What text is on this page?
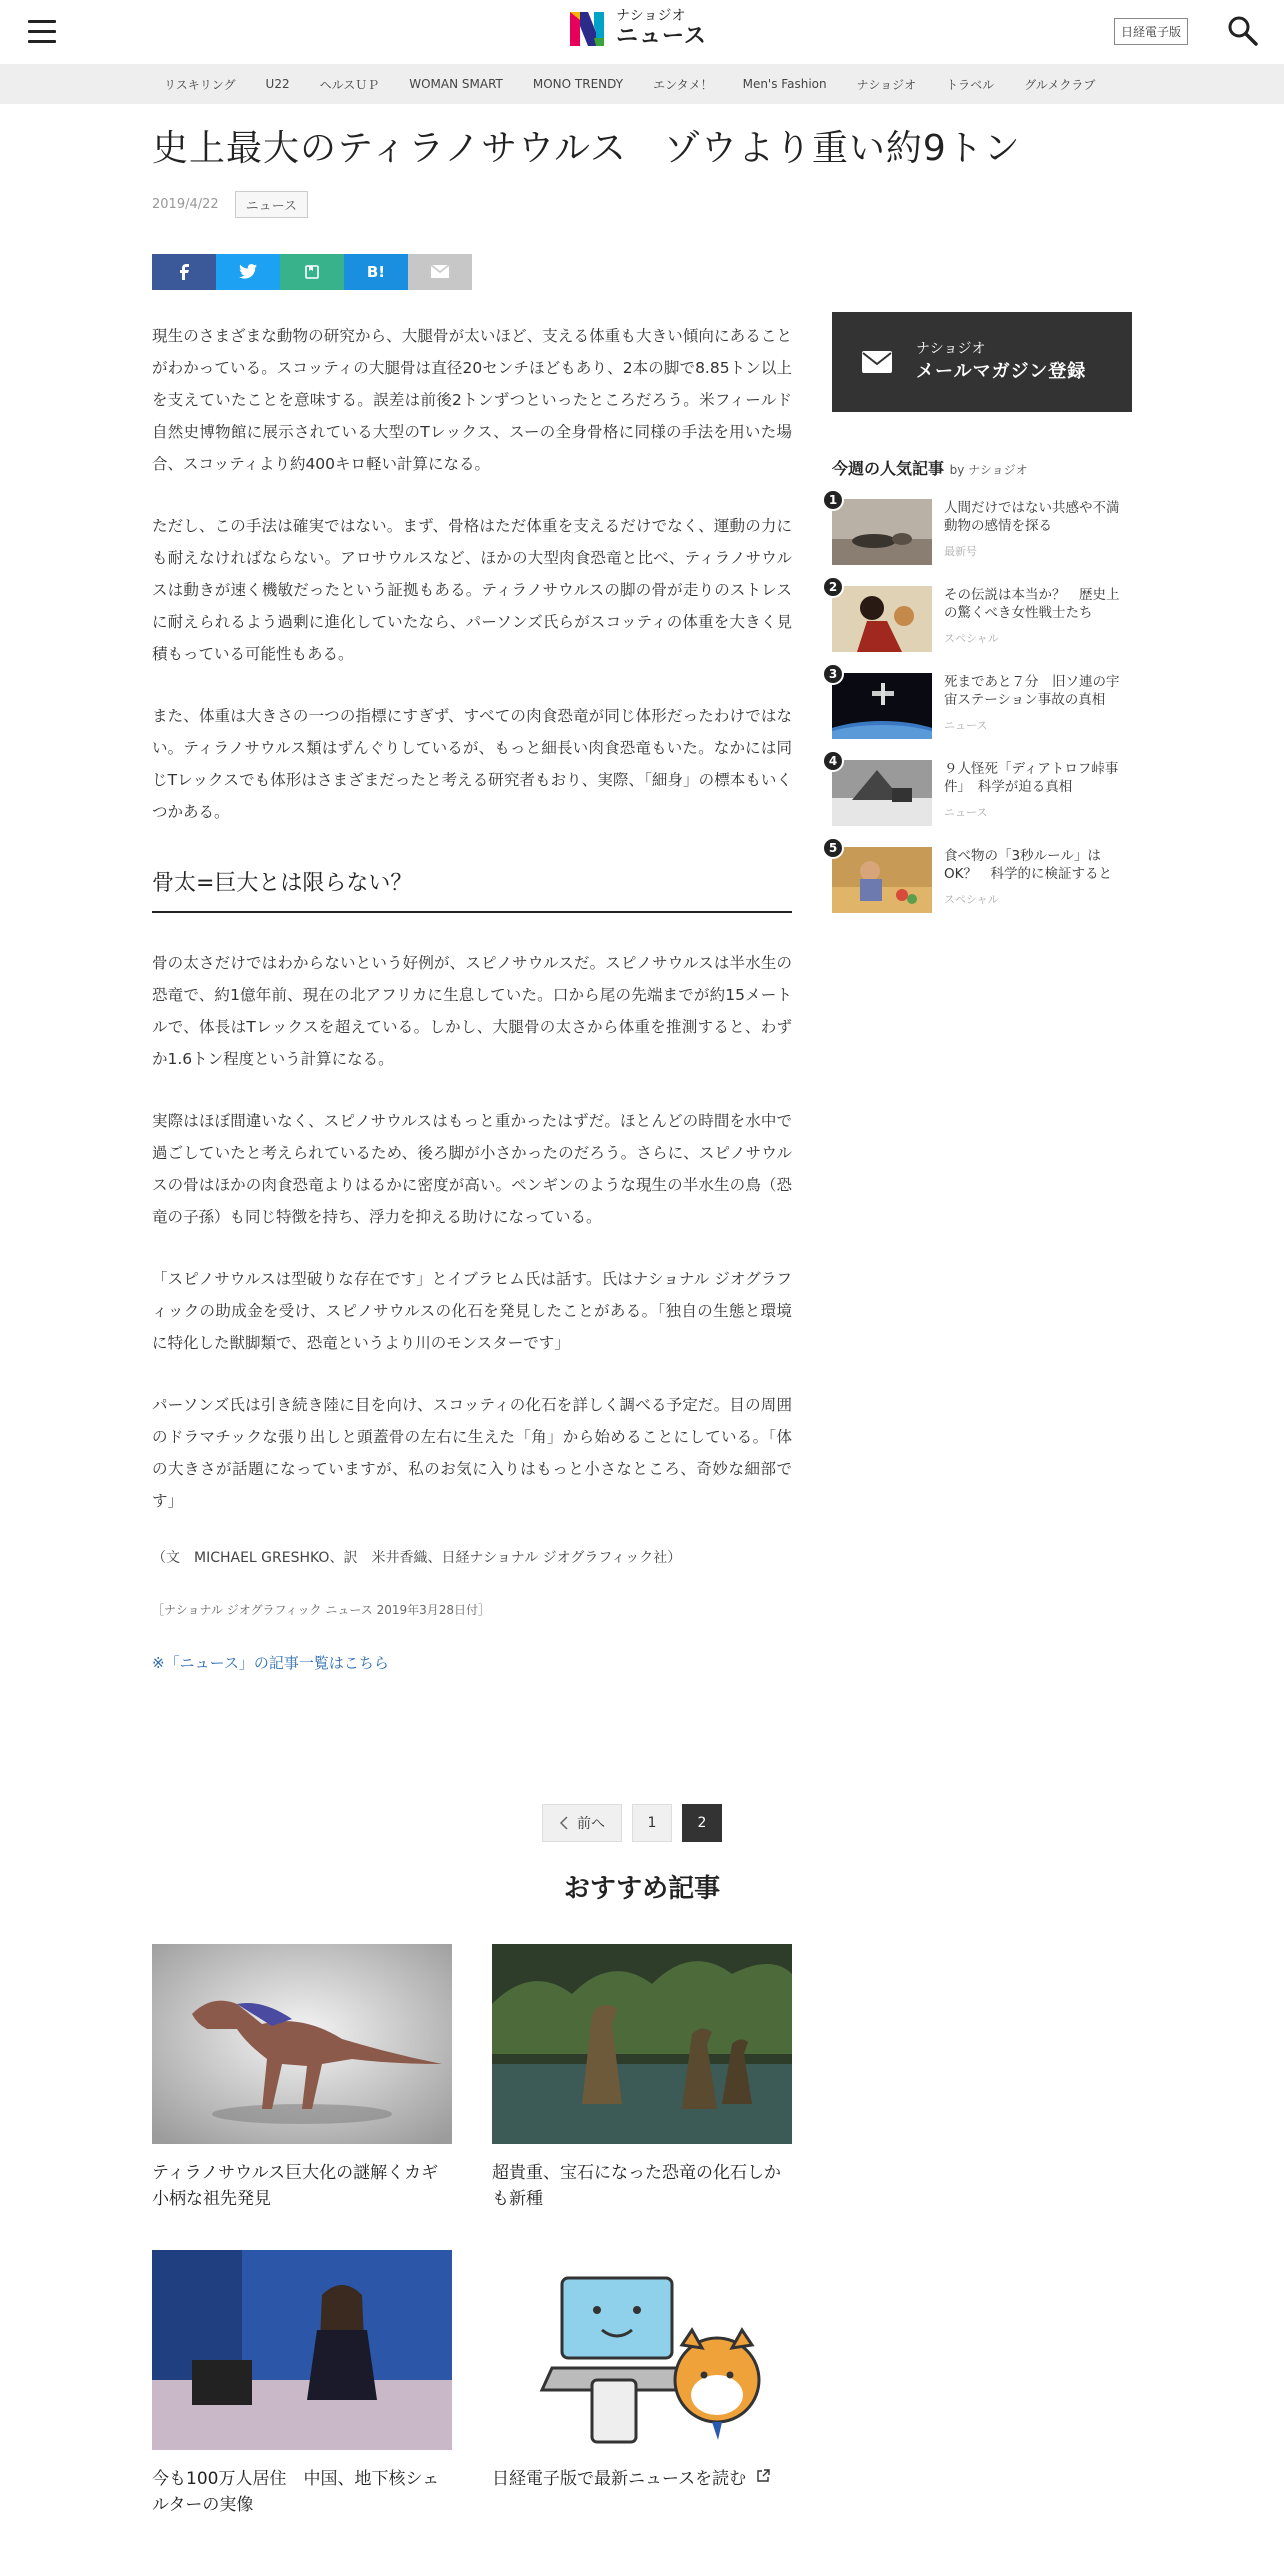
ナショジオ
ニュース	日経電子版
リスキリング	U22	ヘルスＵＰ	WOMAN SMART	MONO TRENDY	エンタメ！	Men's Fashion	ナショジオ	トラベル	グルメクラブ
史上最大のティラノサウルス　ゾウより重い約9トン
2019/4/22	ニュース
B!

現生のさまざまな動物の研究から、大腿骨が太いほど、支える体重も大きい傾向にあることがわかっている。スコッティの大腿骨は直径20センチほどもあり、2本の脚で8.85トン以上を支えていたことを意味する。誤差は前後2トンずつといったところだろう。米フィールド自然史博物館に展示されている大型のTレックス、スーの全身骨格に同様の手法を用いた場合、スコッティより約400キロ軽い計算になる。

ただし、この手法は確実ではない。まず、骨格はただ体重を支えるだけでなく、運動の力にも耐えなければならない。アロサウルスなど、ほかの大型肉食恐竜と比べ、ティラノサウルスは動きが速く機敏だったという証拠もある。ティラノサウルスの脚の骨が走りのストレスに耐えられるよう過剰に進化していたなら、パーソンズ氏らがスコッティの体重を大きく見積もっている可能性もある。

また、体重は大きさの一つの指標にすぎず、すべての肉食恐竜が同じ体形だったわけではない。ティラノサウルス類はずんぐりしているが、もっと細長い肉食恐竜もいた。なかには同じTレックスでも体形はさまざまだったと考える研究者もおり、実際、「細身」の標本もいくつかある。

骨太=巨大とは限らない？

骨の太さだけではわからないという好例が、スピノサウルスだ。スピノサウルスは半水生の恐竜で、約1億年前、現在の北アフリカに生息していた。口から尾の先端までが約15メートルで、体長はTレックスを超えている。しかし、大腿骨の太さから体重を推測すると、わずか1.6トン程度という計算になる。

実際はほぼ間違いなく、スピノサウルスはもっと重かったはずだ。ほとんどの時間を水中で過ごしていたと考えられているため、後ろ脚が小さかったのだろう。さらに、スピノサウルスの骨はほかの肉食恐竜よりはるかに密度が高い。ペンギンのような現生の半水生の鳥（恐竜の子孫）も同じ特徴を持ち、浮力を抑える助けになっている。

「スピノサウルスは型破りな存在です」とイブラヒム氏は話す。氏はナショナル ジオグラフィックの助成金を受け、スピノサウルスの化石を発見したことがある。「独自の生態と環境に特化した獣脚類で、恐竜というより川のモンスターです」

パーソンズ氏は引き続き陸に目を向け、スコッティの化石を詳しく調べる予定だ。目の周囲のドラマチックな張り出しと頭蓋骨の左右に生えた「角」から始めることにしている。「体の大きさが話題になっていますが、私のお気に入りはもっと小さなところ、奇妙な細部です」

（文　MICHAEL GRESHKO、訳　米井香織、日経ナショナル ジオグラフィック社）

［ナショナル ジオグラフィック ニュース 2019年3月28日付］

※「ニュース」の記事一覧はこちら
ナショジオ
メールマガジン登録
今週の人気記事 by ナショジオ
1	人間だけではない共感や不満動物の感情を探る
最新号
2	その伝説は本当か？　歴史上の驚くべき女性戦士たち
スペシャル
3	死まであと７分　旧ソ連の宇宙ステーション事故の真相
ニュース
4	９人怪死「ディアトロフ峠事件」　科学が迫る真相
ニュース
5	食べ物の「3秒ルール」はOK？　科学的に検証すると
スペシャル
前へ	1	2
おすすめ記事
ティラノサウルス巨大化の謎解くカギ　小柄な祖先発見
超貴重、宝石になった恐竜の化石しかも新種
今も100万人居住　中国、地下核シェルターの実像
日経電子版で最新ニュースを読む
